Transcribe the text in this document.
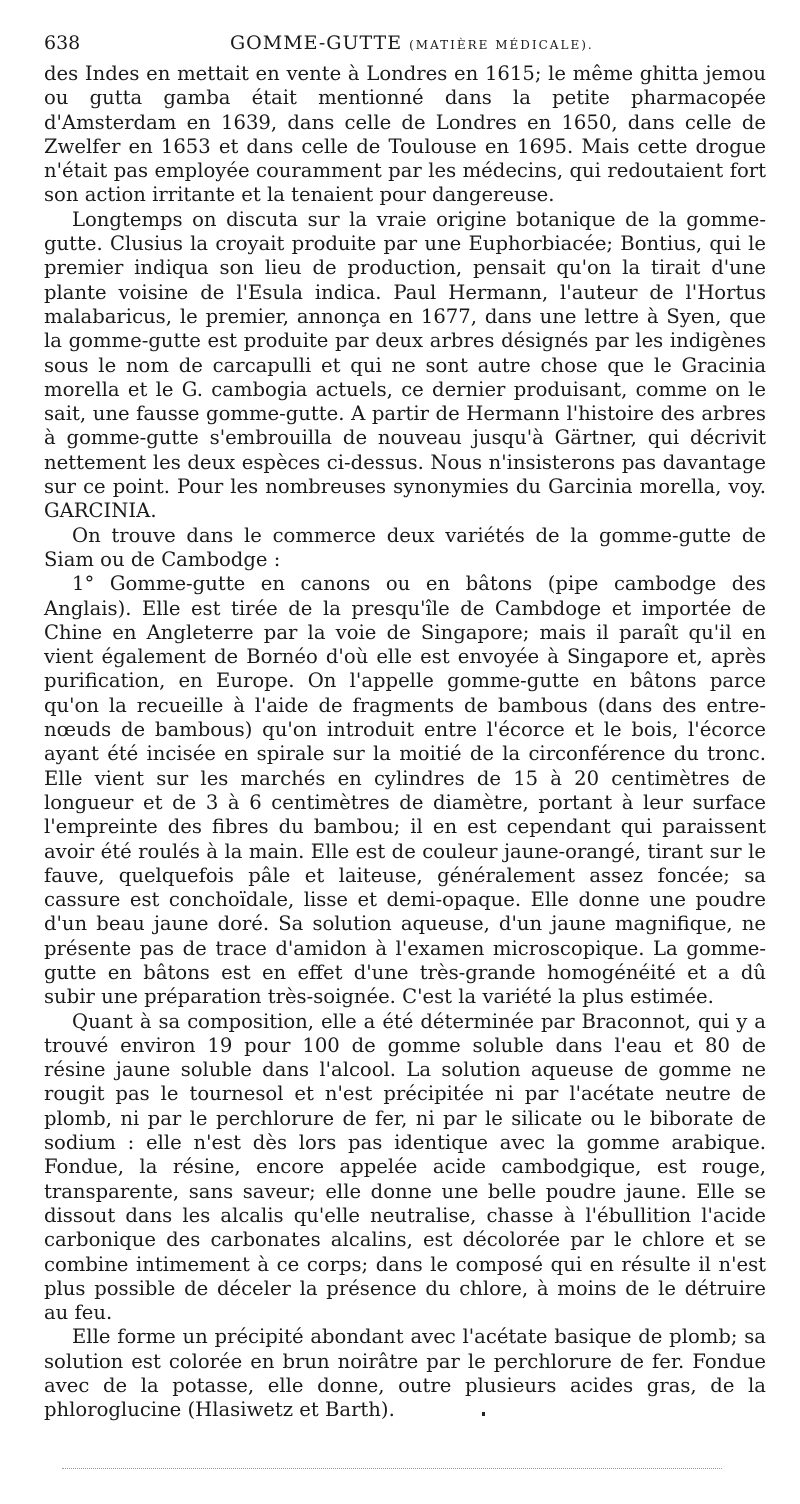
638	GOMME-GUTTE (MATIÈRE MÉDICALE).

des Indes en mettait en vente à Londres en 1615; le même ghitta jemou ou gutta gamba était mentionné dans la petite pharmacopée d'Amsterdam en 1639, dans celle de Londres en 1650, dans celle de Zwelfer en 1653 et dans celle de Toulouse en 1695. Mais cette drogue n'était pas employée couramment par les médecins, qui redoutaient fort son action irritante et la tenaient pour dangereuse.

Longtemps on discuta sur la vraie origine botanique de la gomme-gutte. Clusius la croyait produite par une Euphorbiacée; Bontius, qui le premier indiqua son lieu de production, pensait qu'on la tirait d'une plante voisine de l'Esula indica. Paul Hermann, l'auteur de l'Hortus malabaricus, le premier, annonça en 1677, dans une lettre à Syen, que la gomme-gutte est produite par deux arbres désignés par les indigènes sous le nom de carcapulli et qui ne sont autre chose que le Gracinia morella et le G. cambogia actuels, ce dernier produisant, comme on le sait, une fausse gomme-gutte. A partir de Hermann l'histoire des arbres à gomme-gutte s'embrouilla de nouveau jusqu'à Gärtner, qui décrivit nettement les deux espèces ci-dessus. Nous n'insisterons pas davantage sur ce point. Pour les nombreuses synonymies du Garcinia morella, voy. GARCINIA.

On trouve dans le commerce deux variétés de la gomme-gutte de Siam ou de Cambodge :

1° Gomme-gutte en canons ou en bâtons (pipe cambodge des Anglais). Elle est tirée de la presqu'île de Cambdoge et importée de Chine en Angleterre par la voie de Singapore; mais il paraît qu'il en vient également de Bornéo d'où elle est envoyée à Singapore et, après purification, en Europe. On l'appelle gomme-gutte en bâtons parce qu'on la recueille à l'aide de fragments de bambous (dans des entre-nœuds de bambous) qu'on introduit entre l'écorce et le bois, l'écorce ayant été incisée en spirale sur la moitié de la circonférence du tronc. Elle vient sur les marchés en cylindres de 15 à 20 centimètres de longueur et de 3 à 6 centimètres de diamètre, portant à leur surface l'empreinte des fibres du bambou; il en est cependant qui paraissent avoir été roulés à la main. Elle est de couleur jaune-orangé, tirant sur le fauve, quelquefois pâle et laiteuse, généralement assez foncée; sa cassure est conchoïdale, lisse et demi-opaque. Elle donne une poudre d'un beau jaune doré. Sa solution aqueuse, d'un jaune magnifique, ne présente pas de trace d'amidon à l'examen microscopique. La gomme-gutte en bâtons est en effet d'une très-grande homogénéité et a dû subir une préparation très-soignée. C'est la variété la plus estimée.

Quant à sa composition, elle a été déterminée par Braconnot, qui y a trouvé environ 19 pour 100 de gomme soluble dans l'eau et 80 de résine jaune soluble dans l'alcool. La solution aqueuse de gomme ne rougit pas le tournesol et n'est précipitée ni par l'acétate neutre de plomb, ni par le perchlorure de fer, ni par le silicate ou le biborate de sodium : elle n'est dès lors pas identique avec la gomme arabique. Fondue, la résine, encore appelée acide cambodgique, est rouge, transparente, sans saveur; elle donne une belle poudre jaune. Elle se dissout dans les alcalis qu'elle neutralise, chasse à l'ébullition l'acide carbonique des carbonates alcalins, est décolorée par le chlore et se combine intimement à ce corps; dans le composé qui en résulte il n'est plus possible de déceler la présence du chlore, à moins de le détruire au feu.

Elle forme un précipité abondant avec l'acétate basique de plomb; sa solution est colorée en brun noirâtre par le perchlorure de fer. Fondue avec de la potasse, elle donne, outre plusieurs acides gras, de la phloroglucine (Hlasiwetz et Barth).
